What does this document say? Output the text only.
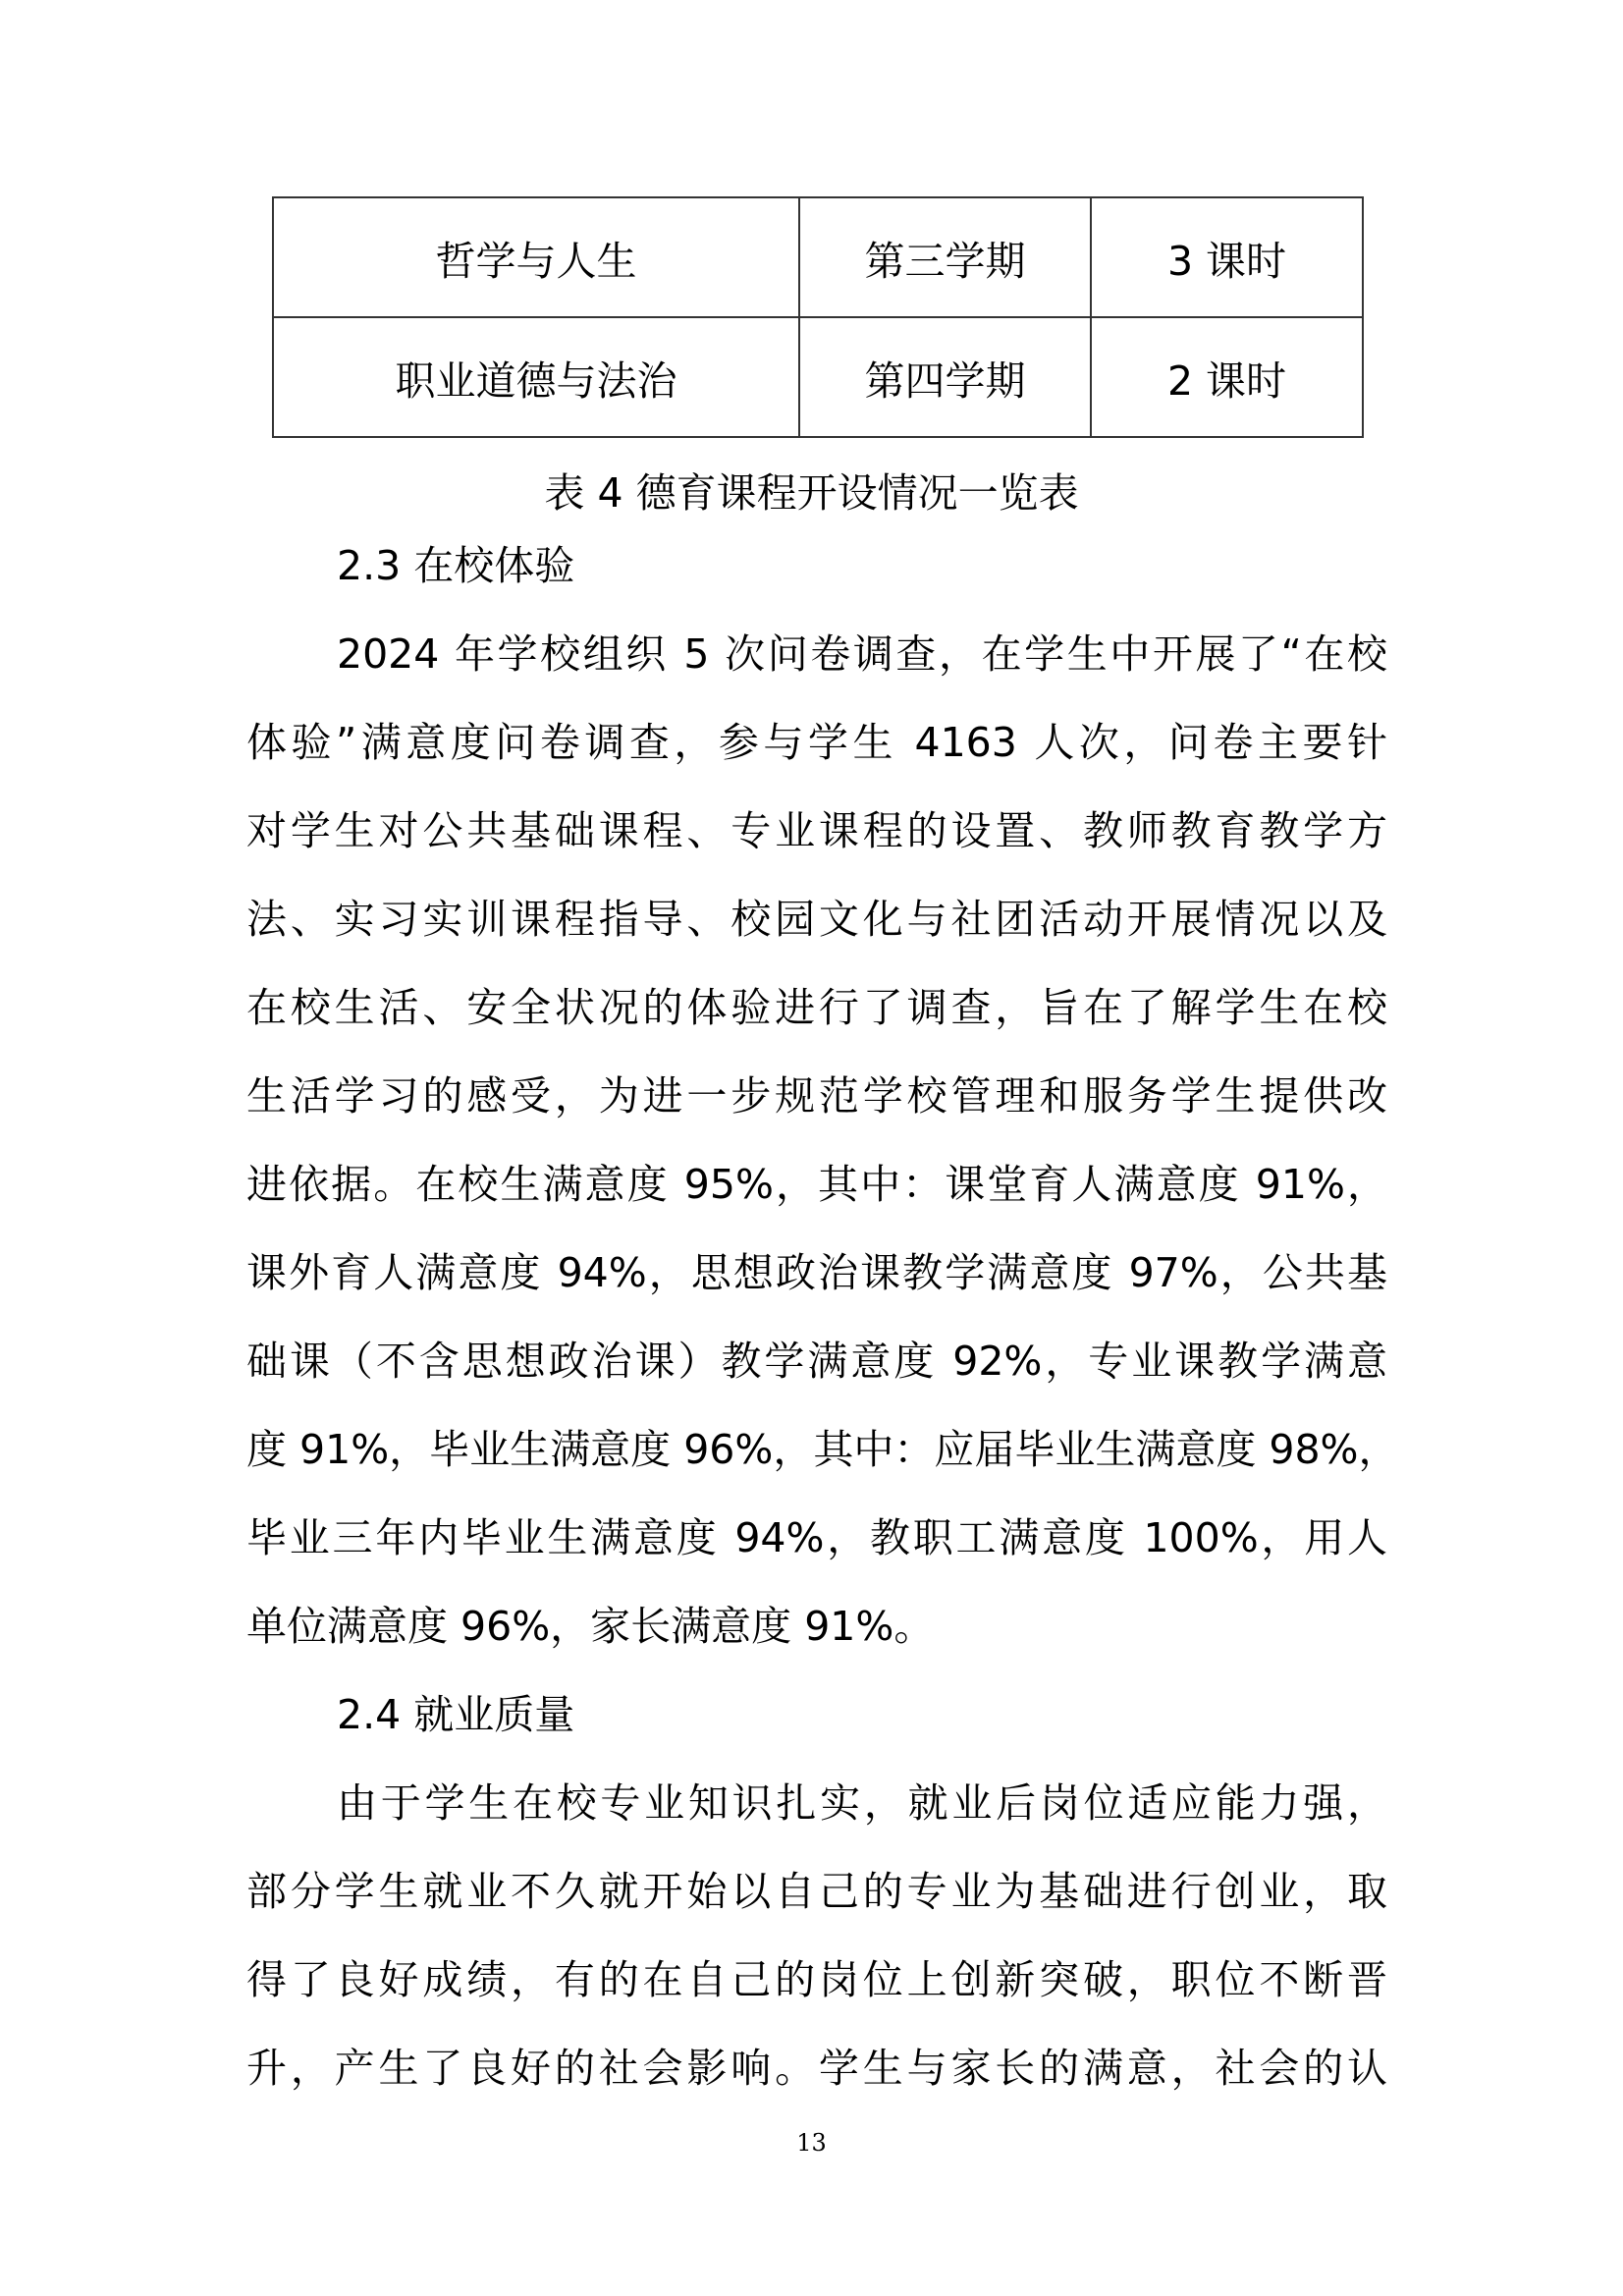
哲学与人生	第三学期	3 课时
职业道德与法治	第四学期	2 课时
表 4 德育课程开设情况一览表
2.3 在校体验
2024 年学校组织 5 次问卷调查，在学生中开展了“在校
体验”满意度问卷调查，参与学生 4163 人次，问卷主要针
对学生对公共基础课程、专业课程的设置、教师教育教学方
法、实习实训课程指导、校园文化与社团活动开展情况以及
在校生活、安全状况的体验进行了调查，旨在了解学生在校
生活学习的感受，为进一步规范学校管理和服务学生提供改
进依据。在校生满意度 95%，其中：课堂育人满意度 91%，
课外育人满意度 94%，思想政治课教学满意度 97%，公共基
础课（不含思想政治课）教学满意度 92%，专业课教学满意
度 91%，毕业生满意度 96%，其中：应届毕业生满意度 98%，
毕业三年内毕业生满意度 94%，教职工满意度 100%，用人
单位满意度 96%，家长满意度 91%。
2.4 就业质量
由于学生在校专业知识扎实，就业后岗位适应能力强，
部分学生就业不久就开始以自己的专业为基础进行创业，取
得了良好成绩，有的在自己的岗位上创新突破，职位不断晋
升，产生了良好的社会影响。学生与家长的满意，社会的认
13
